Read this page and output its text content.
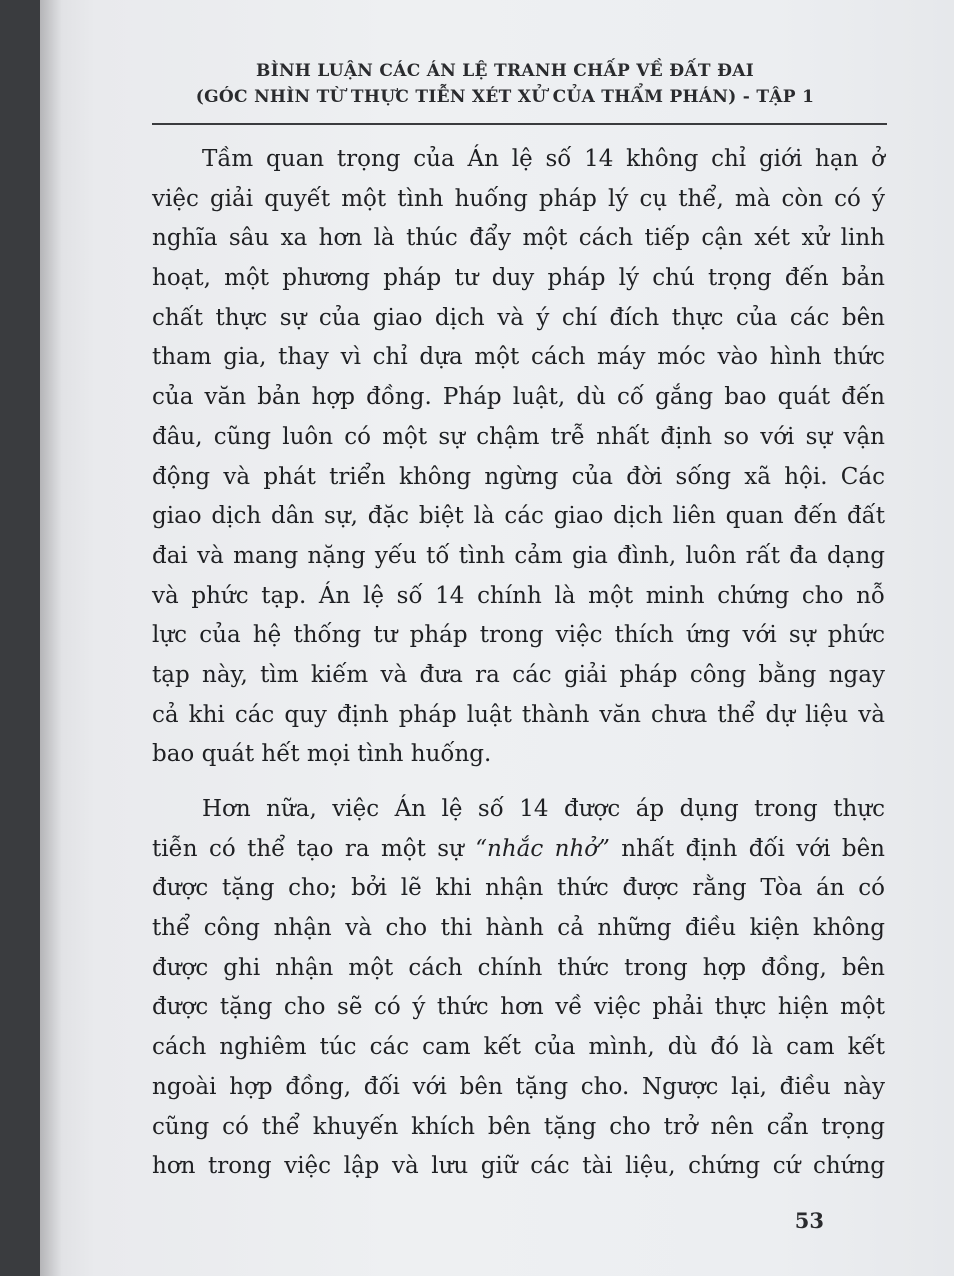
BÌNH LUẬN CÁC ÁN LỆ TRANH CHẤP VỀ ĐẤT ĐAI
(GÓC NHÌN TỪ THỰC TIỄN XÉT XỬ CỦA THẨM PHÁN) - TẬP 1
Tầm quan trọng của Án lệ số 14 không chỉ giới hạn ở
việc giải quyết một tình huống pháp lý cụ thể, mà còn có ý
nghĩa sâu xa hơn là thúc đẩy một cách tiếp cận xét xử linh
hoạt, một phương pháp tư duy pháp lý chú trọng đến bản
chất thực sự của giao dịch và ý chí đích thực của các bên
tham gia, thay vì chỉ dựa một cách máy móc vào hình thức
của văn bản hợp đồng. Pháp luật, dù cố gắng bao quát đến
đâu, cũng luôn có một sự chậm trễ nhất định so với sự vận
động và phát triển không ngừng của đời sống xã hội. Các
giao dịch dân sự, đặc biệt là các giao dịch liên quan đến đất
đai và mang nặng yếu tố tình cảm gia đình, luôn rất đa dạng
và phức tạp. Án lệ số 14 chính là một minh chứng cho nỗ
lực của hệ thống tư pháp trong việc thích ứng với sự phức
tạp này, tìm kiếm và đưa ra các giải pháp công bằng ngay
cả khi các quy định pháp luật thành văn chưa thể dự liệu và
bao quát hết mọi tình huống.
Hơn nữa, việc Án lệ số 14 được áp dụng trong thực
tiễn có thể tạo ra một sự “nhắc nhở” nhất định đối với bên
được tặng cho; bởi lẽ khi nhận thức được rằng Tòa án có
thể công nhận và cho thi hành cả những điều kiện không
được ghi nhận một cách chính thức trong hợp đồng, bên
được tặng cho sẽ có ý thức hơn về việc phải thực hiện một
cách nghiêm túc các cam kết của mình, dù đó là cam kết
ngoài hợp đồng, đối với bên tặng cho. Ngược lại, điều này
cũng có thể khuyến khích bên tặng cho trở nên cẩn trọng
hơn trong việc lập và lưu giữ các tài liệu, chứng cứ chứng
53
